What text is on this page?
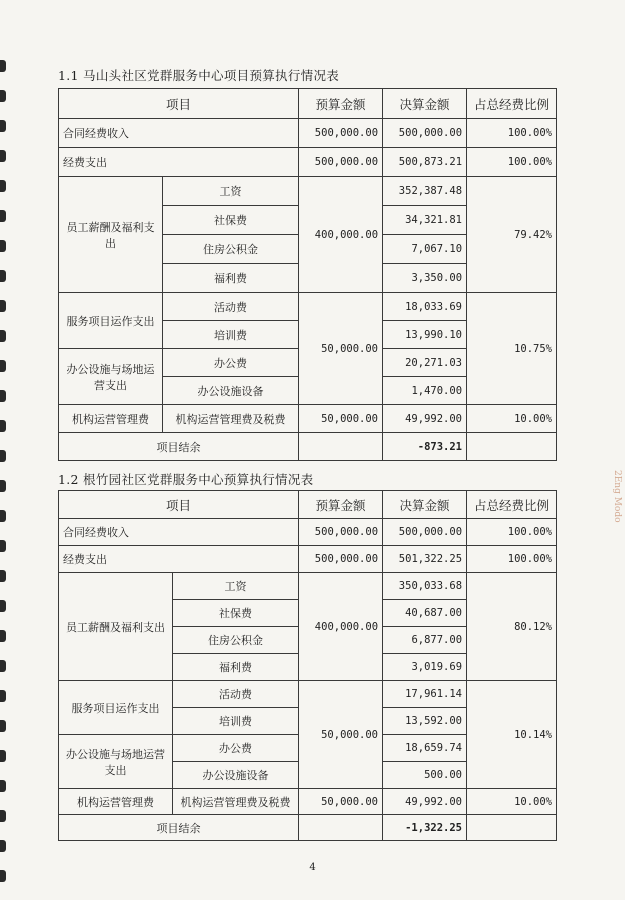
1.1 马山头社区党群服务中心项目预算执行情况表
项目		预算金额	决算金额	占总经费比例
合同经费收入		500,000.00	500,000.00	100.00%
经费支出		500,000.00	500,873.21	100.00%
员工薪酬及福利支出	工资	400,000.00	352,387.48	79.42%
	社保费		34,321.81	
	住房公积金		7,067.10	
	福利费		3,350.00	
服务项目运作支出	活动费	50,000.00	18,033.69	10.75%
	培训费		13,990.10	
办公设施与场地运营支出	办公费		20,271.03	
	办公设施设备		1,470.00	
机构运营管理费	机构运营管理费及税费	50,000.00	49,992.00	10.00%
项目结余			-873.21	
1.2 根竹园社区党群服务中心预算执行情况表
项目		预算金额	决算金额	占总经费比例
合同经费收入		500,000.00	500,000.00	100.00%
经费支出		500,000.00	501,322.25	100.00%
员工薪酬及福利支出	工资	400,000.00	350,033.68	80.12%
	社保费		40,687.00	
	住房公积金		6,877.00	
	福利费		3,019.69	
服务项目运作支出	活动费	50,000.00	17,961.14	10.14%
	培训费		13,592.00	
办公设施与场地运营支出	办公费		18,659.74	
	办公设施设备		500.00	
机构运营管理费	机构运营管理费及税费	50,000.00	49,992.00	10.00%
项目结余			-1,322.25	
2Eng Modo
4
